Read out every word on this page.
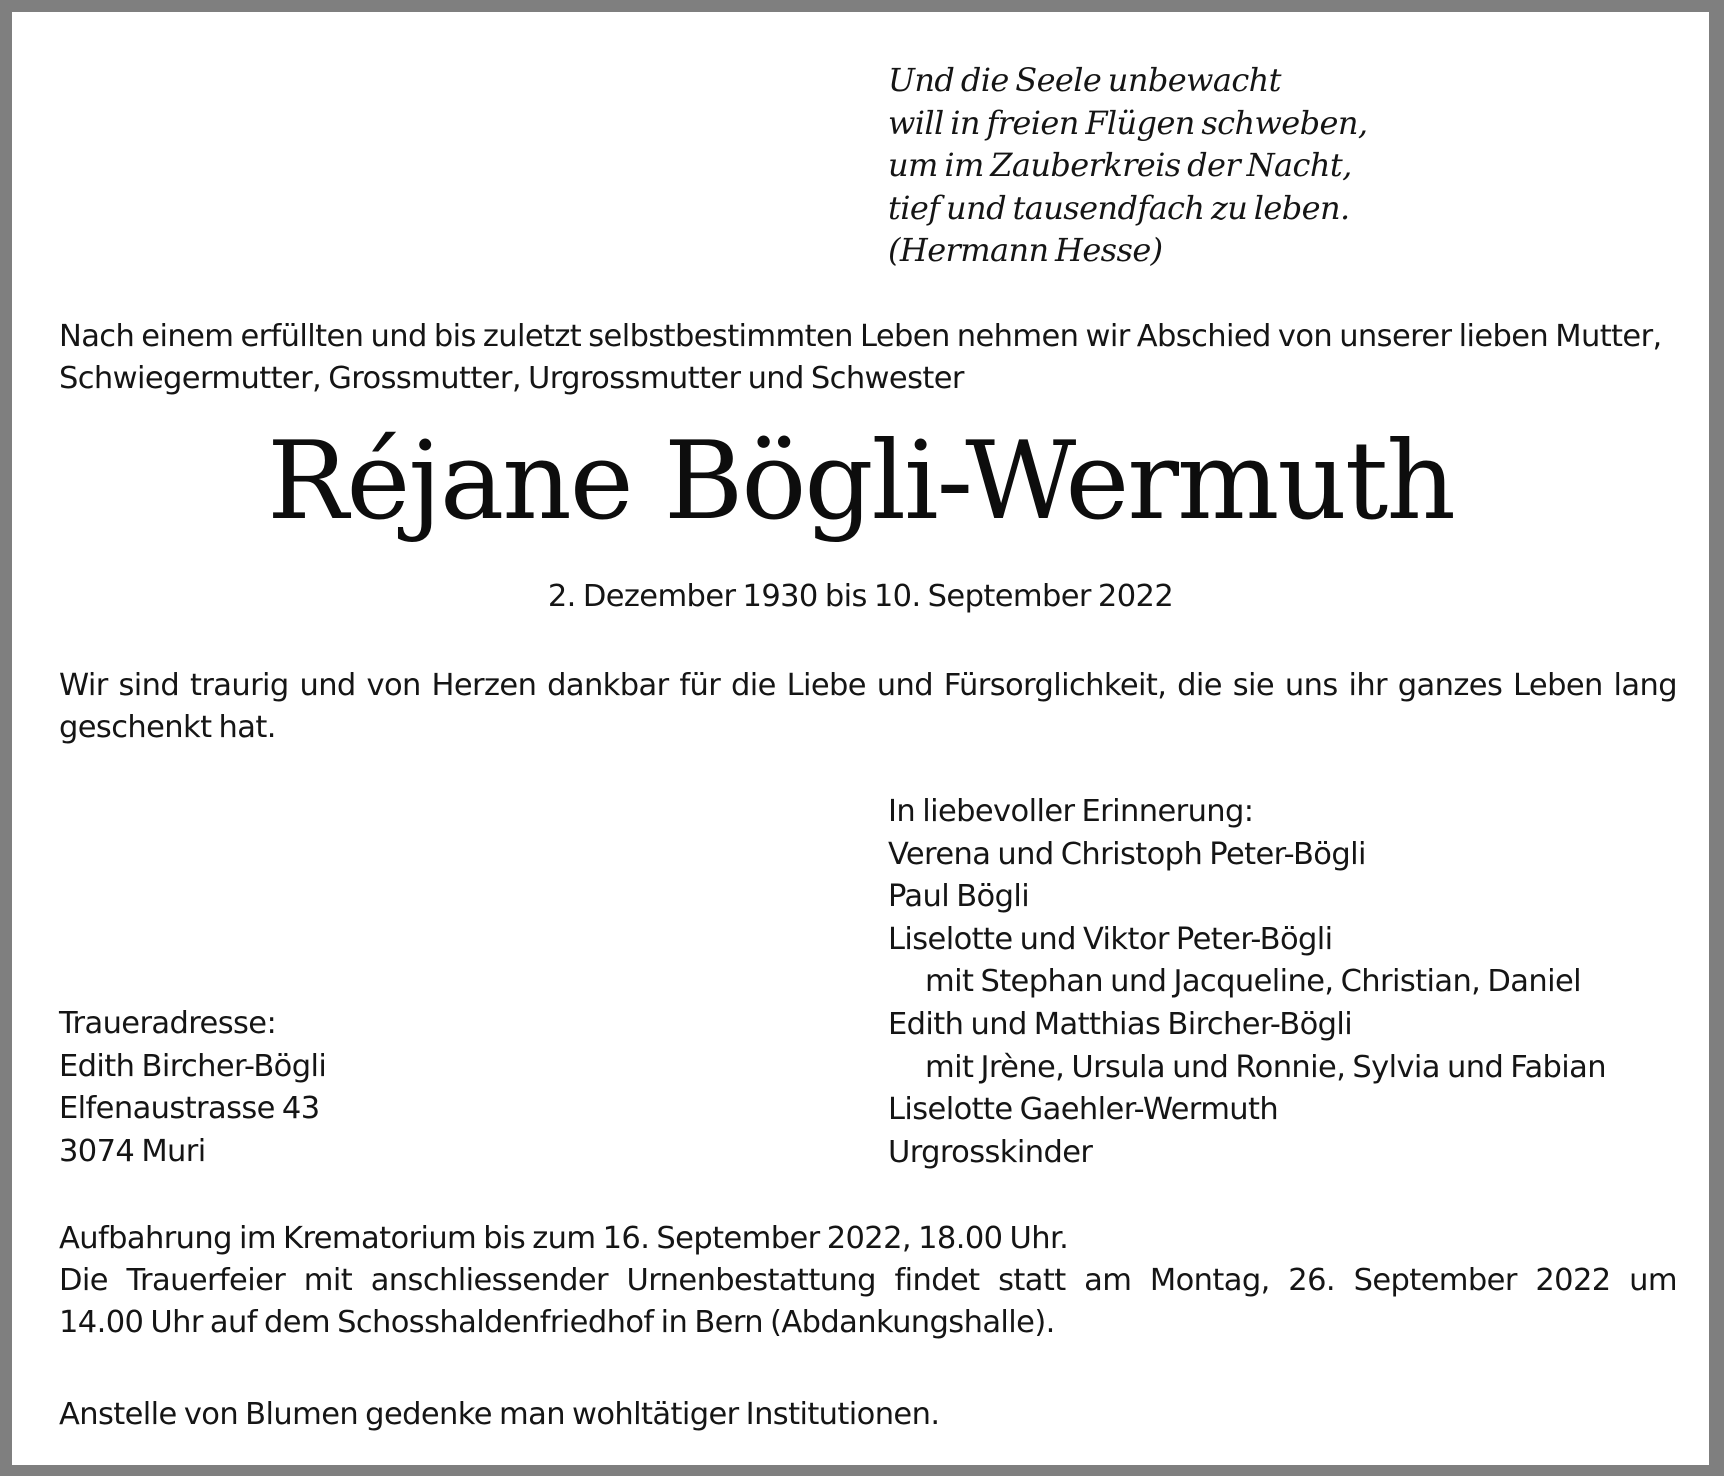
Und die Seele unbewacht
will in freien Flügen schweben,
um im Zauberkreis der Nacht,
tief und tausendfach zu leben.
(Hermann Hesse)
Nach einem erfüllten und bis zuletzt selbstbestimmten Leben nehmen wir Abschied von unserer lieben Mutter,
Schwiegermutter, Grossmutter, Urgrossmutter und Schwester
Réjane Bögli-Wermuth
2. Dezember 1930 bis 10. September 2022
Wir sind traurig und von Herzen dankbar für die Liebe und Fürsorglichkeit, die sie uns ihr ganzes Leben lang
geschenkt hat.
In liebevoller Erinnerung:
Verena und Christoph Peter-Bögli
Paul Bögli
Liselotte und Viktor Peter-Bögli
mit Stephan und Jacqueline, Christian, Daniel
Edith und Matthias Bircher-Bögli
mit Jrène, Ursula und Ronnie, Sylvia und Fabian
Liselotte Gaehler-Wermuth
Urgrosskinder
Traueradresse:
Edith Bircher-Bögli
Elfenaustrasse 43
3074 Muri
Aufbahrung im Krematorium bis zum 16. September 2022, 18.00 Uhr.
Die Trauerfeier mit anschliessender Urnenbestattung findet statt am Montag, 26. September 2022 um
14.00 Uhr auf dem Schosshaldenfriedhof in Bern (Abdankungshalle).
Anstelle von Blumen gedenke man wohltätiger Institutionen.
